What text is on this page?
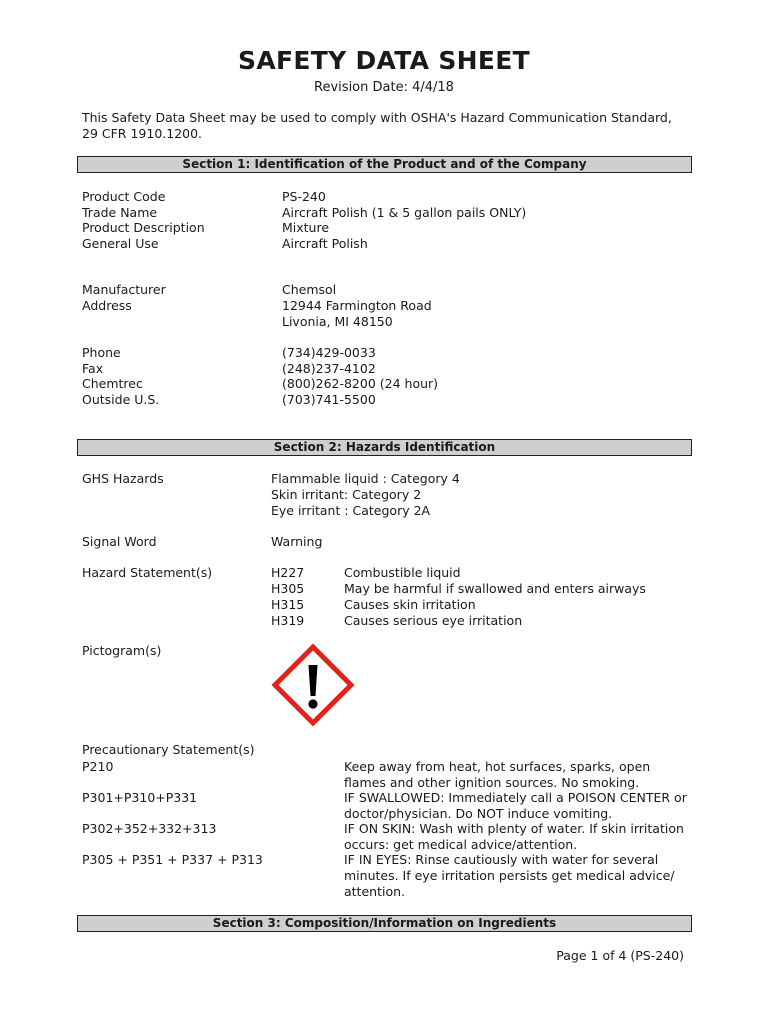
SAFETY DATA SHEET
Revision Date: 4/4/18
This Safety Data Sheet may be used to comply with OSHA's Hazard Communication Standard, 29 CFR 1910.1200.
Section 1: Identification of the Product and of the Company
Product Code	PS-240
Trade Name	Aircraft Polish (1 & 5 gallon pails ONLY)
Product Description	Mixture
General Use	Aircraft Polish
Manufacturer	Chemsol
Address	12944 Farmington Road
Livonia, MI 48150
Phone	(734)429-0033
Fax	(248)237-4102
Chemtrec	(800)262-8200 (24 hour)
Outside U.S.	(703)741-5500
Section 2: Hazards Identification
GHS Hazards	Flammable liquid : Category 4
Skin irritant: Category 2
Eye irritant : Category 2A
Signal Word	Warning
Hazard Statement(s)	H227	Combustible liquid
H305	May be harmful if swallowed and enters airways
H315	Causes skin irritation
H319	Causes serious eye irritation
Pictogram(s)
Precautionary Statement(s)
P210	Keep away from heat, hot surfaces, sparks, open flames and other ignition sources. No smoking.
P301+P310+P331	IF SWALLOWED: Immediately call a POISON CENTER or doctor/physician. Do NOT induce vomiting.
P302+352+332+313	IF ON SKIN: Wash with plenty of water. If skin irritation occurs: get medical advice/attention.
P305 + P351 + P337 + P313	IF IN EYES: Rinse cautiously with water for several minutes. If eye irritation persists get medical advice/ attention.
Section 3: Composition/Information on Ingredients
Page 1 of 4 (PS-240)
